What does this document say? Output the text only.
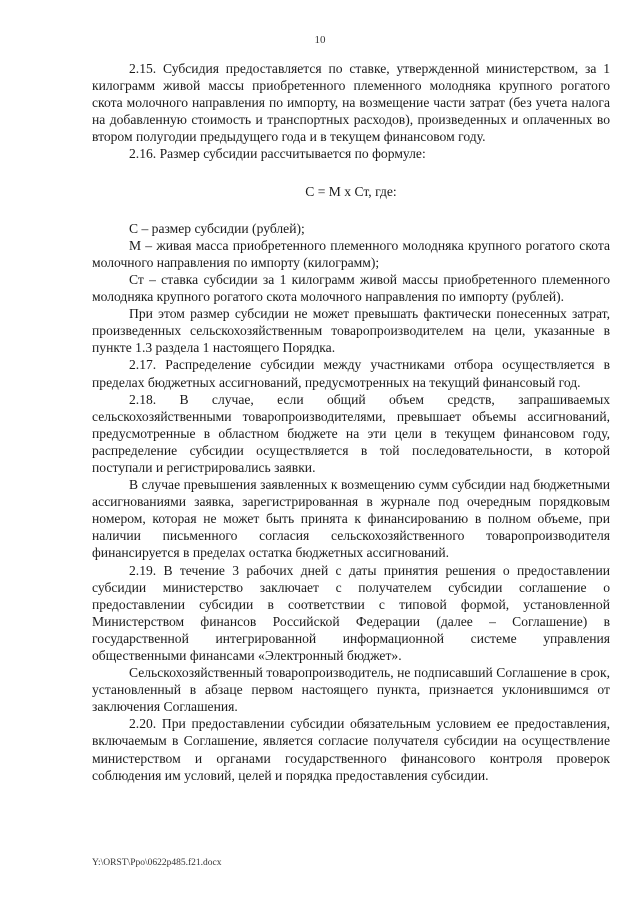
10

2.15. Субсидия предоставляется по ставке, утвержденной министерством, за 1 килограмм живой массы приобретенного племенного молодняка крупного рогатого скота молочного направления по импорту, на возмещение части затрат (без учета налога на добавленную стоимость и транспортных расходов), произведенных и оплаченных во втором полугодии предыдущего года и в текущем финансовом году.

2.16. Размер субсидии рассчитывается по формуле:

С = М х Ст, где:

С – размер субсидии (рублей);

М – живая масса приобретенного племенного молодняка крупного рогатого скота молочного направления по импорту (килограмм);

Ст – ставка субсидии за 1 килограмм живой массы приобретенного племенного молодняка крупного рогатого скота молочного направления по импорту (рублей).

При этом размер субсидии не может превышать фактически понесенных затрат, произведенных сельскохозяйственным товаропроизводителем на цели, указанные в пункте 1.3 раздела 1 настоящего Порядка.

2.17. Распределение субсидии между участниками отбора осуществляется в пределах бюджетных ассигнований, предусмотренных на текущий финансовый год.

2.18. В случае, если общий объем средств, запрашиваемых сельскохозяйственными товаропроизводителями, превышает объемы ассигнований, предусмотренные в областном бюджете на эти цели в текущем финансовом году, распределение субсидии осуществляется в той последовательности, в которой поступали и регистрировались заявки.

В случае превышения заявленных к возмещению сумм субсидии над бюджетными ассигнованиями заявка, зарегистрированная в журнале под очередным порядковым номером, которая не может быть принята к финансированию в полном объеме, при наличии письменного согласия сельскохозяйственного товаропроизводителя финансируется в пределах остатка бюджетных ассигнований.

2.19. В течение 3 рабочих дней с даты принятия решения о предоставлении субсидии министерство заключает с получателем субсидии соглашение о предоставлении субсидии в соответствии с типовой формой, установленной Министерством финансов Российской Федерации (далее – Соглашение) в государственной интегрированной информационной системе управления общественными финансами «Электронный бюджет».

Сельскохозяйственный товаропроизводитель, не подписавший Соглашение в срок, установленный в абзаце первом настоящего пункта, признается уклонившимся от заключения Соглашения.

2.20. При предоставлении субсидии обязательным условием ее предоставления, включаемым в Соглашение, является согласие получателя субсидии на осуществление министерством и органами государственного финансового контроля проверок соблюдения им условий, целей и порядка предоставления субсидии.

Y:\ORST\Ppo\0622p485.f21.docx
